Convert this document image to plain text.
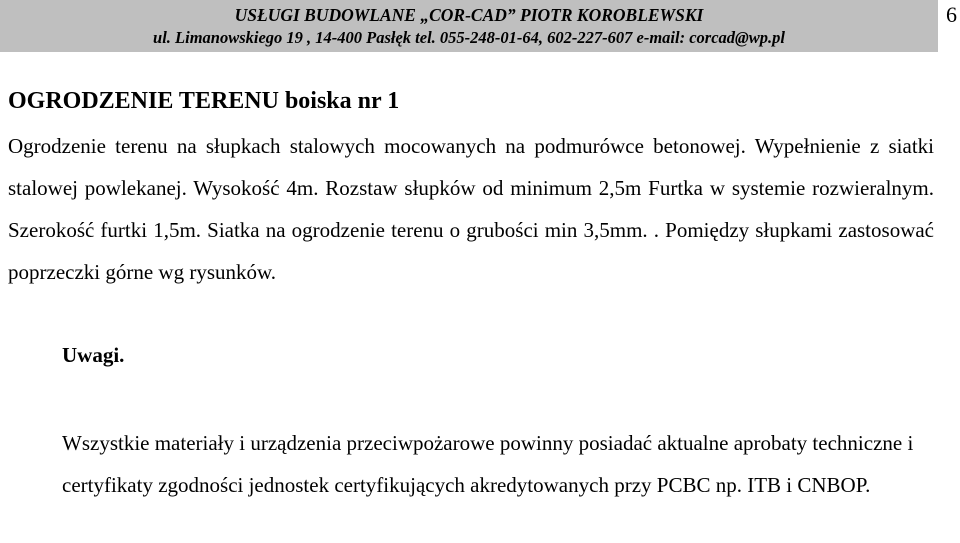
USŁUGI BUDOWLANE „COR-CAD” PIOTR KOROBLEWSKI
ul. Limanowskiego 19 , 14-400 Pasłęk tel. 055-248-01-64, 602-227-607 e-mail: corcad@wp.pl
6
OGRODZENIE TERENU boiska nr 1
Ogrodzenie terenu na słupkach stalowych mocowanych na podmurówce betonowej. Wypełnienie z siatki stalowej powlekanej. Wysokość 4m. Rozstaw słupków od minimum 2,5m Furtka w systemie rozwieralnym. Szerokość furtki 1,5m. Siatka na ogrodzenie terenu o grubości min 3,5mm. . Pomiędzy słupkami zastosować poprzeczki górne wg rysunków.
Uwagi.
Wszystkie materiały i urządzenia przeciwpożarowe powinny posiadać aktualne aprobaty techniczne i certyfikaty zgodności jednostek certyfikujących akredytowanych przy PCBC np. ITB i CNBOP.
